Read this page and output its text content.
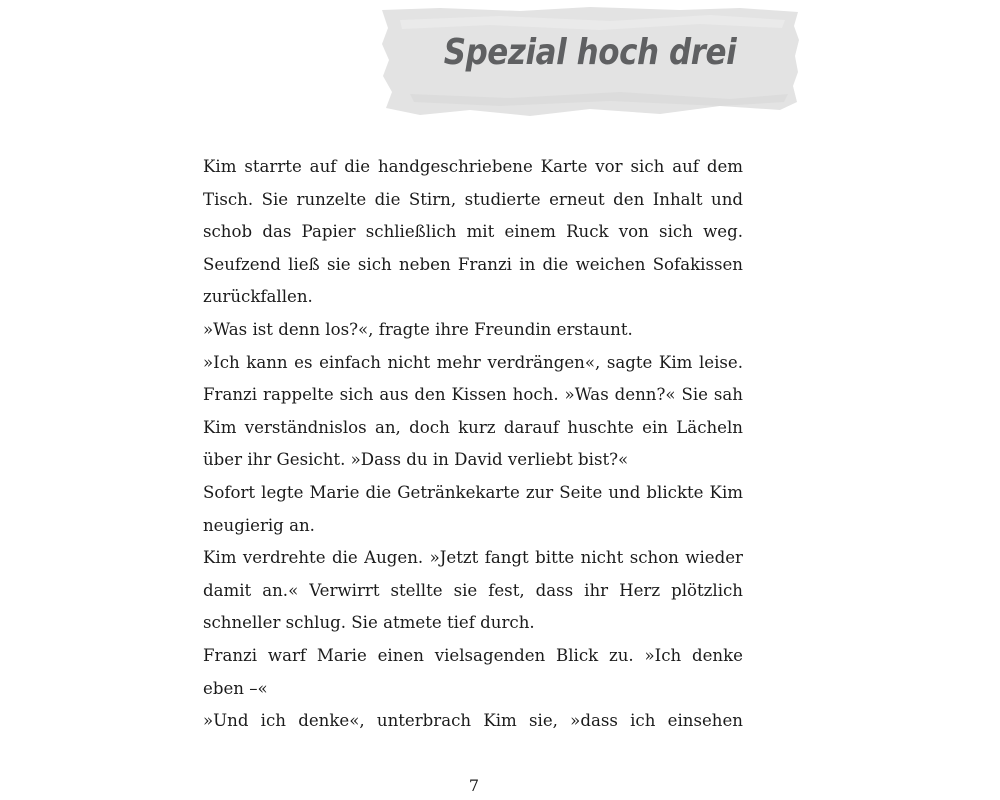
Spezial hoch drei
Kim starrte auf die handgeschriebene Karte vor sich auf dem
Tisch. Sie runzelte die Stirn, studierte erneut den Inhalt und
schob das Papier schließlich mit einem Ruck von sich weg.
Seufzend ließ sie sich neben Franzi in die weichen Sofakissen
zurückfallen.
»Was ist denn los?«, fragte ihre Freundin erstaunt.
»Ich kann es einfach nicht mehr verdrängen«, sagte Kim leise.
Franzi rappelte sich aus den Kissen hoch. »Was denn?« Sie sah
Kim verständnislos an, doch kurz darauf huschte ein Lächeln
über ihr Gesicht. »Dass du in David verliebt bist?«
Sofort legte Marie die Getränkekarte zur Seite und blickte Kim
neugierig an.
Kim verdrehte die Augen. »Jetzt fangt bitte nicht schon wieder
damit an.« Verwirrt stellte sie fest, dass ihr Herz plötzlich
schneller schlug. Sie atmete tief durch.
Franzi warf Marie einen vielsagenden Blick zu. »Ich denke
eben –«
»Und ich denke«, unterbrach Kim sie, »dass ich einsehen
7
